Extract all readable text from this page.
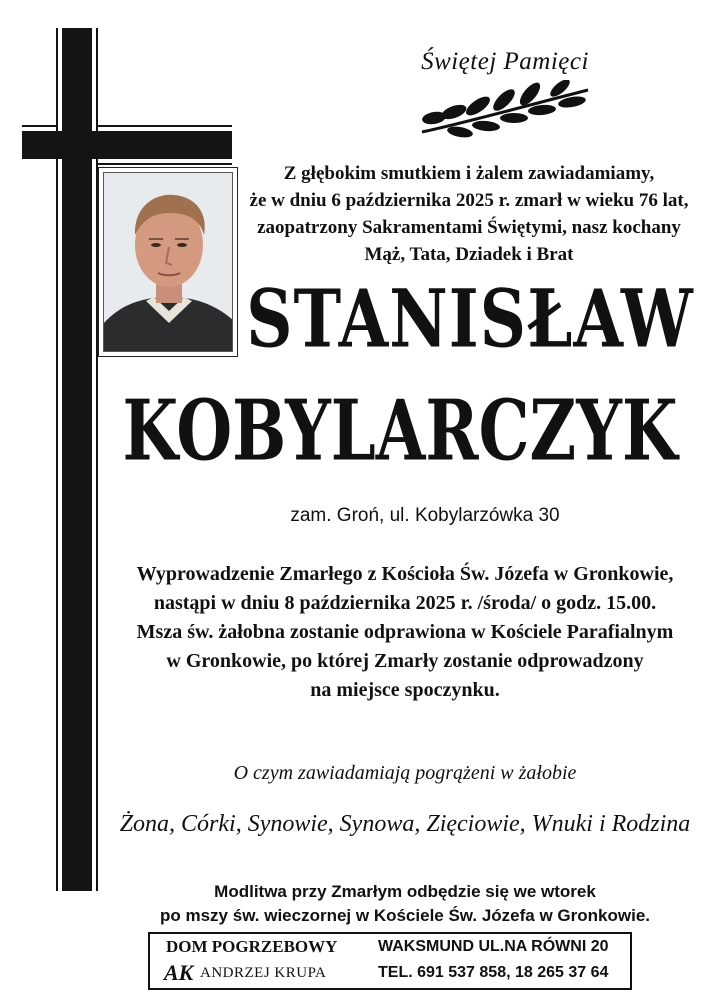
Świętej Pamięci
Z głębokim smutkiem i żalem zawiadamiamy,
że w dniu 6 października 2025 r. zmarł w wieku 76 lat,
zaopatrzony Sakramentami Świętymi, nasz kochany
Mąż, Tata, Dziadek i Brat
STANISŁAW
KOBYLARCZYK
zam. Groń, ul. Kobylarzówka 30
Wyprowadzenie Zmarłego z Kościoła Św. Józefa w Gronkowie,
nastąpi w dniu 8 października 2025 r. /środa/ o godz. 15.00.
Msza św. żałobna zostanie odprawiona w Kościele Parafialnym
w Gronkowie, po której Zmarły zostanie odprowadzony
na miejsce spoczynku.
O czym zawiadamiają pogrążeni w żałobie
Żona, Córki, Synowie, Synowa, Zięciowie, Wnuki i Rodzina
Modlitwa przy Zmarłym odbędzie się we wtorek
po mszy św. wieczornej w Kościele Św. Józefa w Gronkowie.
DOM POGRZEBOWY
AK ANDRZEJ KRUPA
WAKSMUND UL.NA RÓWNI 20
TEL. 691 537 858, 18 265 37 64
